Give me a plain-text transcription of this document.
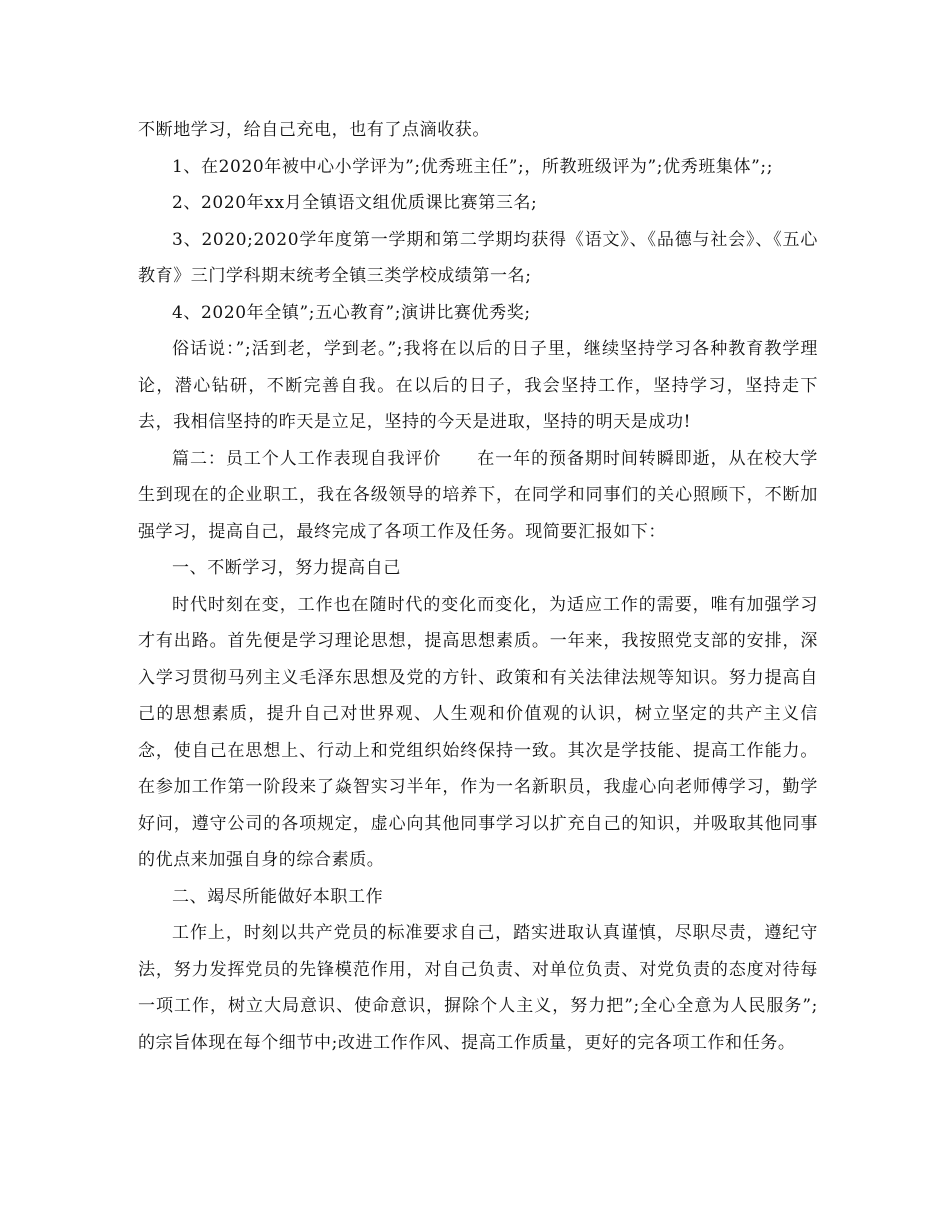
不断地学习，给自己充电，也有了点滴收获。

1、在2020年被中心小学评为”;优秀班主任”;，所教班级评为”;优秀班集体”;;

2、2020年xx月全镇语文组优质课比赛第三名;

3、2020;2020学年度第一学期和第二学期均获得《语文》、《品德与社会》、《五心教育》三门学科期末统考全镇三类学校成绩第一名;

4、2020年全镇”;五心教育”;演讲比赛优秀奖;

俗话说：”;活到老，学到老。”;我将在以后的日子里，继续坚持学习各种教育教学理论，潜心钻研，不断完善自我。在以后的日子，我会坚持工作，坚持学习，坚持走下去，我相信坚持的昨天是立足，坚持的今天是进取，坚持的明天是成功!

篇二：员工个人工作表现自我评价　　在一年的预备期时间转瞬即逝，从在校大学生到现在的企业职工，我在各级领导的培养下，在同学和同事们的关心照顾下，不断加强学习，提高自己，最终完成了各项工作及任务。现简要汇报如下：

一、不断学习，努力提高自己

时代时刻在变，工作也在随时代的变化而变化，为适应工作的需要，唯有加强学习才有出路。首先便是学习理论思想，提高思想素质。一年来，我按照党支部的安排，深入学习贯彻马列主义毛泽东思想及党的方针、政策和有关法律法规等知识。努力提高自己的思想素质，提升自己对世界观、人生观和价值观的认识，树立坚定的共产主义信念，使自己在思想上、行动上和党组织始终保持一致。其次是学技能、提高工作能力。在参加工作第一阶段来了焱智实习半年，作为一名新职员，我虚心向老师傅学习，勤学好问，遵守公司的各项规定，虚心向其他同事学习以扩充自己的知识，并吸取其他同事的优点来加强自身的综合素质。

二、竭尽所能做好本职工作

工作上，时刻以共产党员的标准要求自己，踏实进取认真谨慎，尽职尽责，遵纪守法，努力发挥党员的先锋模范作用，对自己负责、对单位负责、对党负责的态度对待每一项工作，树立大局意识、使命意识，摒除个人主义，努力把”;全心全意为人民服务”;的宗旨体现在每个细节中;改进工作作风、提高工作质量，更好的完各项工作和任务。
